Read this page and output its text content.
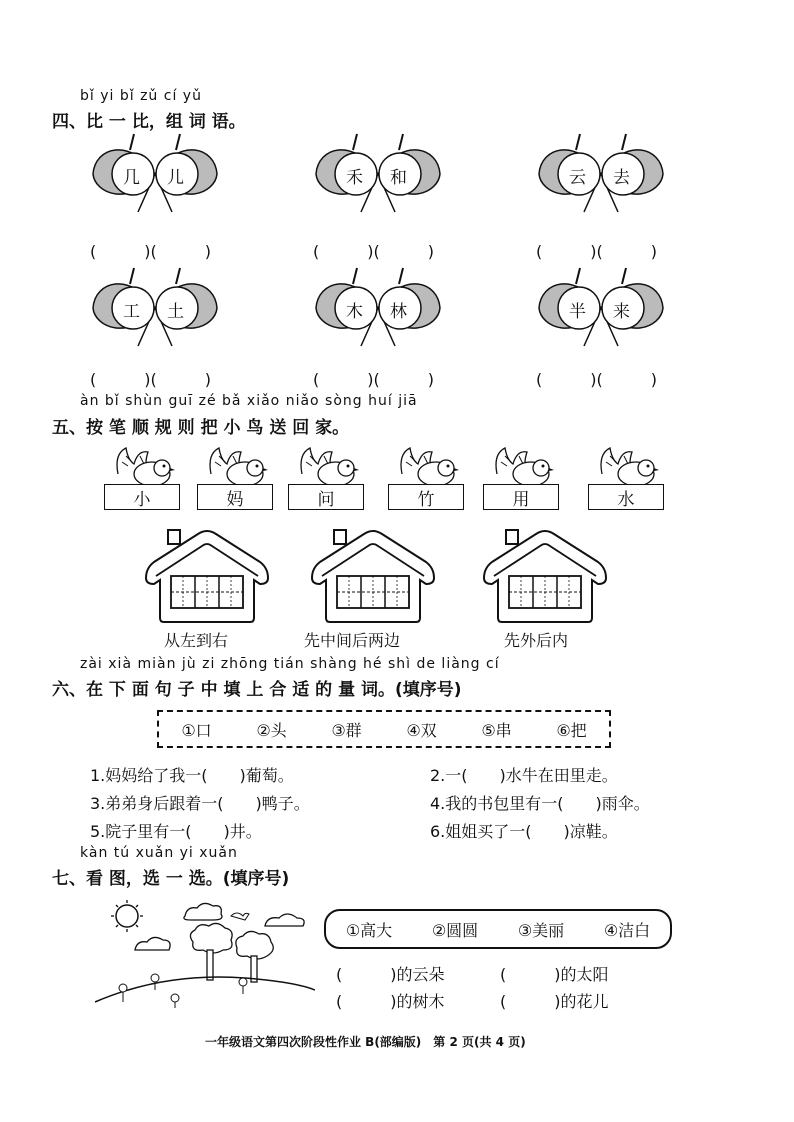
bǐ yi bǐ zǔ cí yǔ
四、比 一 比，组 词 语。
几 儿	禾 和	云 去
(　　　)(　　　)	(　　　)(　　　)	(　　　)(　　　)
工 土	木 林	半 来
(　　　)(　　　)	(　　　)(　　　)	(　　　)(　　　)
àn bǐ shùn guī zé bǎ xiǎo niǎo sòng huí jiā
五、按 笔 顺 规 则 把 小 鸟 送 回 家。
小	妈	问	竹	用	水
从左到右	先中间后两边	先外后内
zài xià miàn jù zi zhōng tián shàng hé shì de liàng cí
六、在 下 面 句 子 中 填 上 合 适 的 量 词。(填序号)
①口	②头	③群	④双	⑤串	⑥把
1.妈妈给了我一(　　)葡萄。	2.一(　　)水牛在田里走。
3.弟弟身后跟着一(　　)鸭子。	4.我的书包里有一(　　)雨伞。
5.院子里有一(　　)井。	6.姐姐买了一(　　)凉鞋。
kàn tú xuǎn yi xuǎn
七、看 图，选 一 选。(填序号)
①高大 ②圆圆 ③美丽 ④洁白
(　　　)的云朵	(　　　)的太阳
(　　　)的树木	(　　　)的花儿
一年级语文第四次阶段性作业 B(部编版)　第 2 页(共 4 页)
